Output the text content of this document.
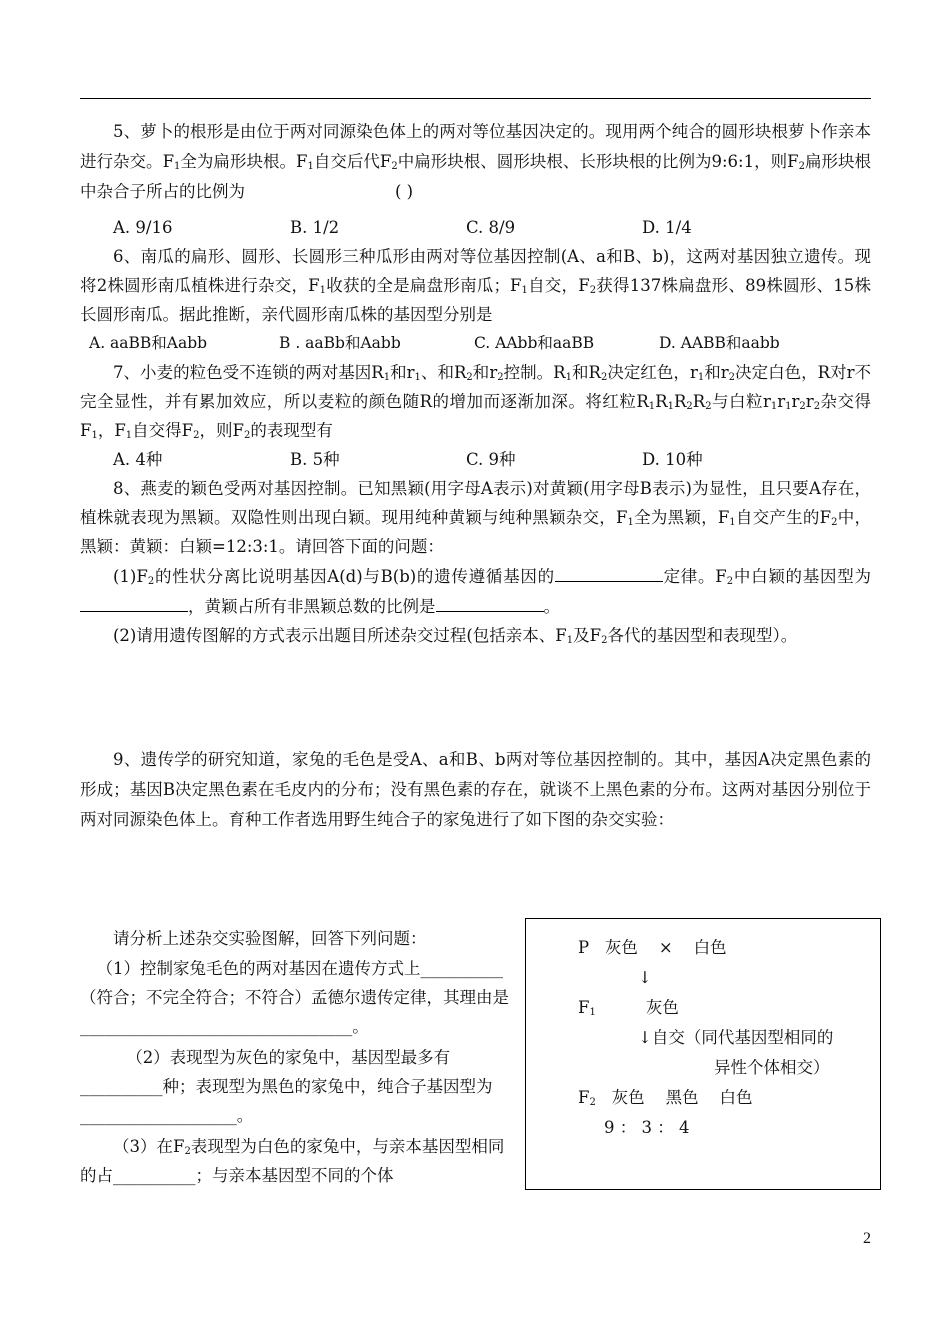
5、萝卜的根形是由位于两对同源染色体上的两对等位基因决定的。现用两个纯合的圆形块根萝卜作亲本进行杂交。$F_1$全为扁形块根。$F_1$自交后代$F_2$中扁形块根、圆形块根、长形块根的比例为9:6:1，则$F_2$扁形块根中杂合子所占的比例为	( )

A. 9/16	B. 1/2	C. 8/9	D. 1/4

6、南瓜的扁形、圆形、长圆形三种瓜形由两对等位基因控制(A、a和B、b)，这两对基因独立遗传。现将2株圆形南瓜植株进行杂交，$F_1$收获的全是扁盘形南瓜；$F_1$自交，$F_2$获得137株扁盘形、89株圆形、15株长圆形南瓜。据此推断，亲代圆形南瓜株的基因型分别是

A. aaBB和Aabb	B . aaBb和Aabb	C. AAbb和aaBB	D. AABB和aabb

7、小麦的粒色受不连锁的两对基因$R_1$和$r_1$、和$R_2$和$r_2$控制。$R_1$和$R_2$决定红色，$r_1$和$r_2$决定白色，R对r不完全显性，并有累加效应，所以麦粒的颜色随R的增加而逐渐加深。将红粒$R_1R_1R_2R_2$与白粒$r_1r_1r_2r_2$杂交得$F_1$，$F_1$自交得$F_2$，则$F_2$的表现型有

A. 4种	B. 5种	C. 9种	D. 10种

8、燕麦的颖色受两对基因控制。已知黑颖(用字母A表示)对黄颖(用字母B表示)为显性，且只要A存在，植株就表现为黑颖。双隐性则出现白颖。现用纯种黄颖与纯种黑颖杂交，$F_1$全为黑颖，$F_1$自交产生的$F_2$中，黑颖：黄颖：白颖=12:3:1。请回答下面的问题：

$(1)F_2$的性状分离比说明基因A(d)与B(b)的遗传遵循基因的	定律。$F_2$中白颖的基因型为，黄颖占所有非黑颖总数的比例是	。

(2)请用遗传图解的方式表示出题目所述杂交过程(包括亲本、$F_1$及$F_2$各代的基因型和表现型）。

9、遗传学的研究知道，家兔的毛色是受A、a和B、b两对等位基因控制的。其中，基因A决定黑色素的形成；基因B决定黑色素在毛皮内的分布；没有黑色素的存在，就谈不上黑色素的分布。这两对基因分别位于两对同源染色体上。育种工作者选用野生纯合子的家兔进行了如下图的杂交实验：

请分析上述杂交实验图解，回答下列问题：

（1）控制家兔毛色的两对基因在遗传方式上__________（符合；不完全符合；不符合）孟德尔遗传定律，其理由是_________________________________。

（2）表现型为灰色的家兔中，基因型最多有__________种；表现型为黑色的家兔中，纯合子基因型为___________________。

（3）在$F_2$表现型为白色的家兔中，与亲本基因型相同的占__________；与亲本基因型不同的个体

P 灰色 × 白色
↓
$F_1$	灰色
↓自交（同代基因型相同的
异性个体相交）
$F_2$ 灰色 黑色 白色
9 ： 3 ： 4
2
